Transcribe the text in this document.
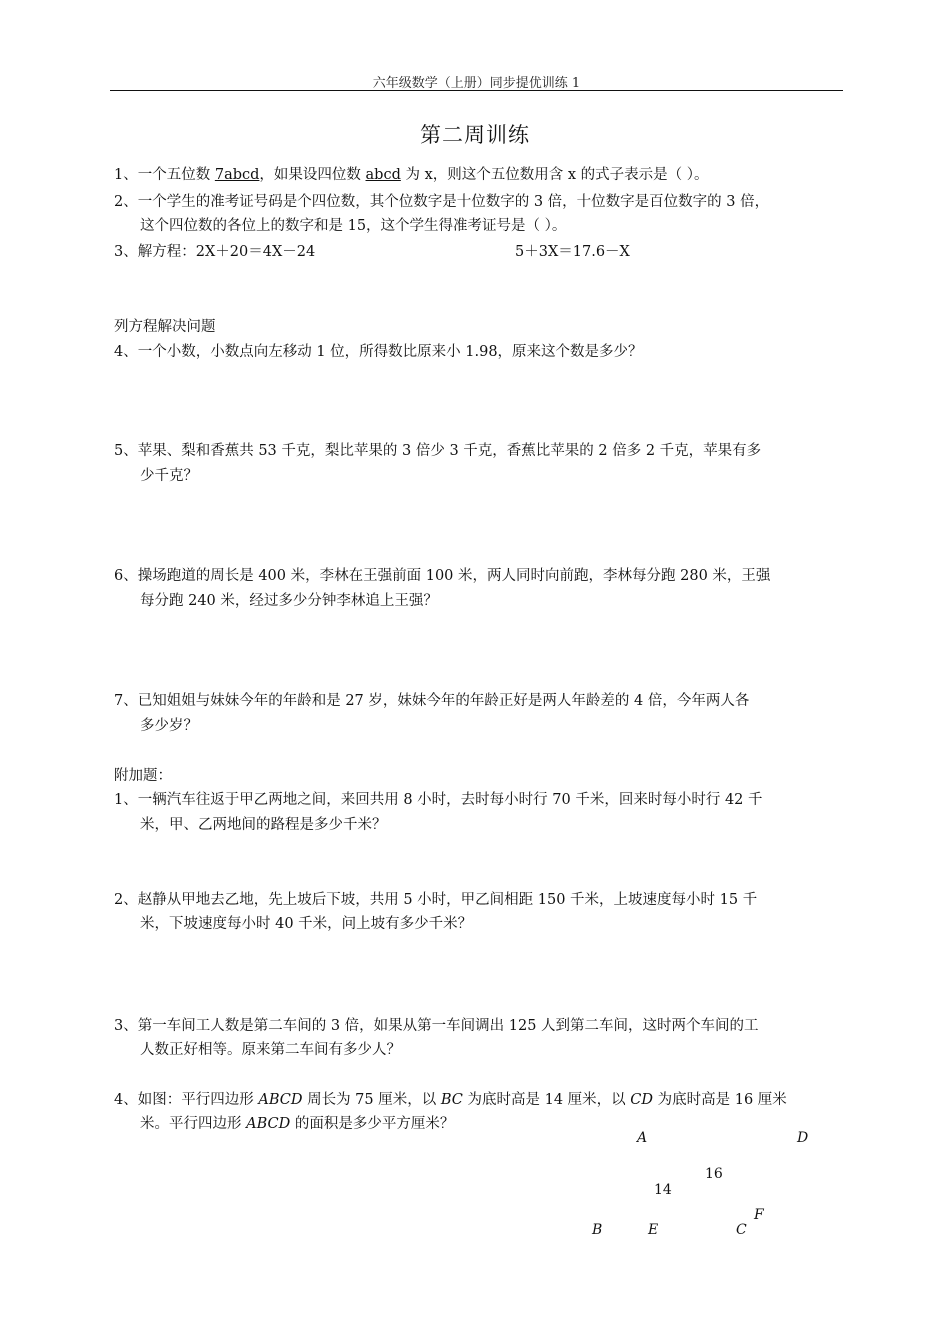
六年级数学（上册）同步提优训练 1
第二周训练
1、一个五位数 7abcd，如果设四位数 abcd 为 x，则这个五位数用含 x 的式子表示是（ ）。
2、一个学生的准考证号码是个四位数，其个位数字是十位数字的 3 倍，十位数字是百位数字的 3 倍，
这个四位数的各位上的数字和是 15，这个学生得准考证号是（ ）。
3、解方程：2X＋20＝4X－24	5＋3X＝17.6－X
列方程解决问题
4、一个小数，小数点向左移动 1 位，所得数比原来小 1.98，原来这个数是多少？
5、苹果、梨和香蕉共 53 千克，梨比苹果的 3 倍少 3 千克，香蕉比苹果的 2 倍多 2 千克，苹果有多
少千克？
6、操场跑道的周长是 400 米，李林在王强前面 100 米，两人同时向前跑，李林每分跑 280 米，王强
每分跑 240 米，经过多少分钟李林追上王强？
7、已知姐姐与妹妹今年的年龄和是 27 岁，妹妹今年的年龄正好是两人年龄差的 4 倍，今年两人各
多少岁？
附加题：
1、一辆汽车往返于甲乙两地之间，来回共用 8 小时，去时每小时行 70 千米，回来时每小时行 42 千
米，甲、乙两地间的路程是多少千米？
2、赵静从甲地去乙地，先上坡后下坡，共用 5 小时，甲乙间相距 150 千米，上坡速度每小时 15 千
米，下坡速度每小时 40 千米，问上坡有多少千米？
3、第一车间工人数是第二车间的 3 倍，如果从第一车间调出 125 人到第二车间，这时两个车间的工
人数正好相等。原来第二车间有多少人？
4、如图：平行四边形 ABCD 周长为 75 厘米，以 BC 为底时高是 14 厘米，以 CD 为底时高是 16 厘米
米。平行四边形 ABCD 的面积是多少平方厘米？
A	D
16
14
F
B	E	C
